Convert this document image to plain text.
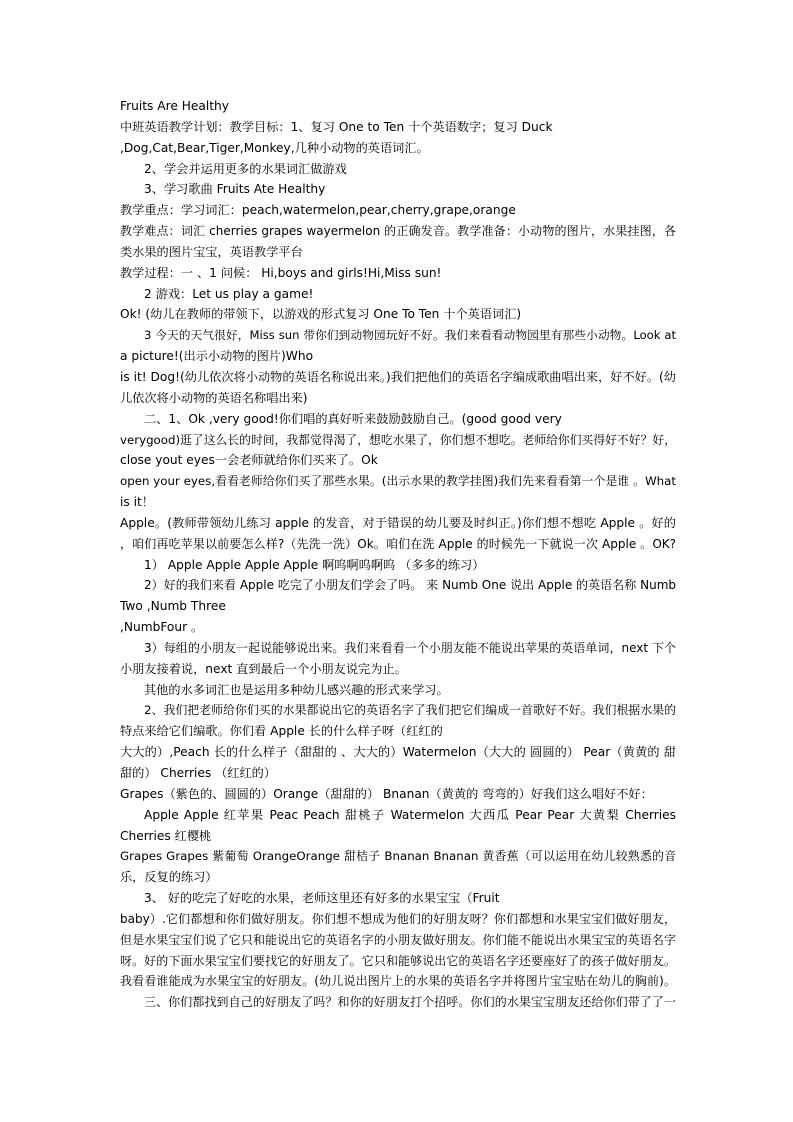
Fruits Are Healthy
中班英语教学计划：教学目标：1、复习 One to Ten 十个英语数字；复习 Duck
,Dog,Cat,Bear,Tiger,Monkey,几种小动物的英语词汇。
2、学会并运用更多的水果词汇做游戏
3、学习歌曲 Fruits Ate Healthy
教学重点：学习词汇：peach,watermelon,pear,cherry,grape,orange
教学难点：词汇 cherries grapes wayermelon 的正确发音。教学准备：小动物的图片，水果挂图，各
类水果的图片宝宝，英语教学平台
教学过程：一 、1 问候： Hi,boys and girls!Hi,Miss sun!
2 游戏：Let us play a game!
Ok! (幼儿在教师的带领下，以游戏的形式复习 One To Ten 十个英语词汇)
3 今天的天气很好，Miss sun 带你们到动物园玩好不好。我们来看看动物园里有那些小动物。Look at
a picture!(出示小动物的图片)Who
is it! Dog!(幼儿依次将小动物的英语名称说出来。)我们把他们的英语名字编成歌曲唱出来，好不好。(幼
儿依次将小动物的英语名称唱出来)
二、1、Ok ,very good!你们唱的真好听来鼓励鼓励自己。(good good very
verygood)逛了这么长的时间，我都觉得渴了，想吃水果了，你们想不想吃。老师给你们买得好不好？好，
close yout eyes一会老师就给你们买来了。Ok
open your eyes,看看老师给你们买了那些水果。(出示水果的教学挂图)我们先来看看第一个是谁 。What
is it！
Apple。(教师带领幼儿练习 apple 的发音，对于错误的幼儿要及时纠正。)你们想不想吃 Apple 。好的
，咱们再吃苹果以前要怎么样?（先洗一洗）Ok。咱们在洗 Apple 的时候先一下就说一次 Apple 。OK?
1） Apple Apple Apple Apple 啊呜啊呜啊呜 （多多的练习）
2）好的我们来看 Apple 吃完了小朋友们学会了吗。 来 Numb One 说出 Apple 的英语名称 Numb
Two ,Numb Three
,NumbFour 。
3）每组的小朋友一起说能够说出来。我们来看看一个小朋友能不能说出苹果的英语单词，next 下个
小朋友接着说，next 直到最后一个小朋友说完为止。
其他的水多词汇也是运用多种幼儿感兴趣的形式来学习。
2、我们把老师给你们买的水果都说出它的英语名字了我们把它们编成一首歌好不好。我们根据水果的
特点来给它们编歌。你们看 Apple 长的什么样子呀（红红的
大大的）,Peach 长的什么样子（甜甜的 、大大的）Watermelon（大大的 圆圆的） Pear（黄黄的 甜
甜的） Cherries （红红的）
Grapes（紫色的、圆圆的）Orange（甜甜的） Bnanan（黄黄的 弯弯的）好我们这么唱好不好：
Apple Apple 红苹果 Peac Peach 甜桃子 Watermelon 大西瓜 Pear Pear 大黄梨 Cherries
Cherries 红樱桃
Grapes Grapes 紫葡萄 OrangeOrange 甜桔子 Bnanan Bnanan 黄香蕉（可以运用在幼儿较熟悉的音
乐，反复的练习）
3、 好的吃完了好吃的水果，老师这里还有好多的水果宝宝（Fruit
baby）.它们都想和你们做好朋友。你们想不想成为他们的好朋友呀？你们都想和水果宝宝们做好朋友，
但是水果宝宝们说了它只和能说出它的英语名字的小朋友做好朋友。你们能不能说出水果宝宝的英语名字
呀。好的下面水果宝宝们要找它的好朋友了。它只和能够说出它的英语名字还要座好了的孩子做好朋友。
我看看谁能成为水果宝宝的好朋友。(幼儿说出图片上的水果的英语名字并将图片宝宝贴在幼儿的胸前)。
三、你们都找到自己的好朋友了吗？和你的好朋友打个招呼。你们的水果宝宝朋友还给你们带了了一
